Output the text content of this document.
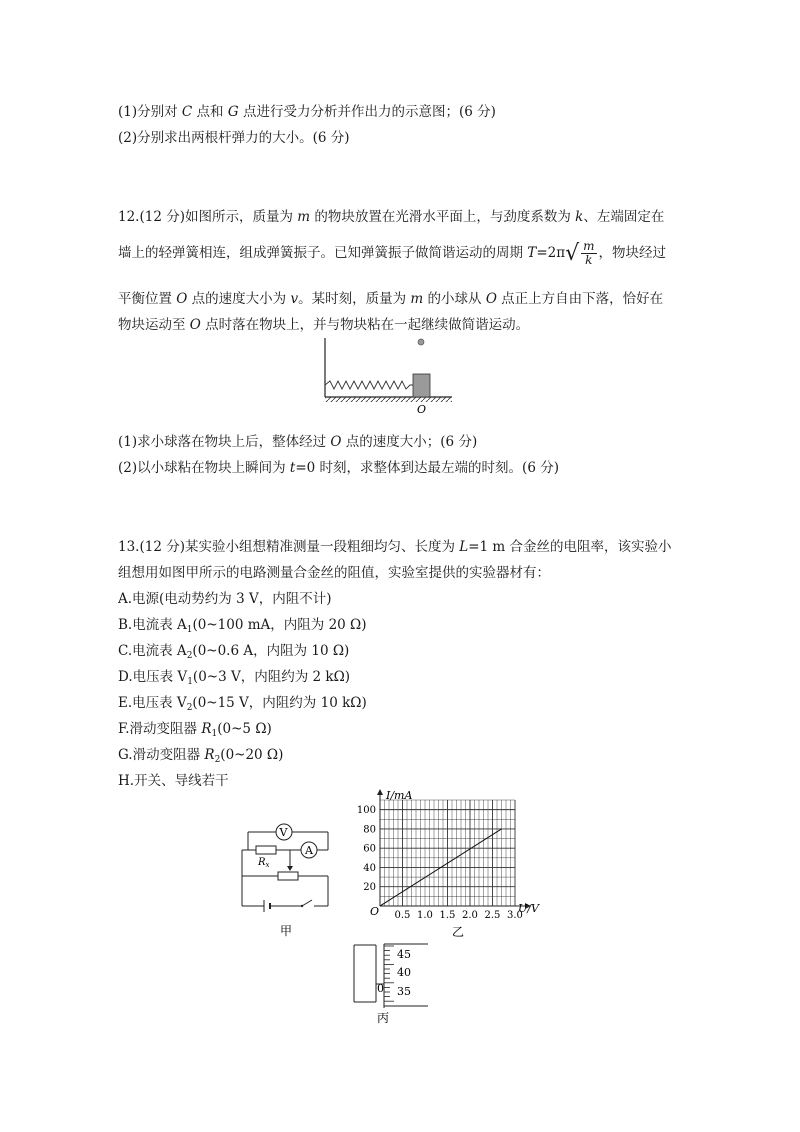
(1)分别对 C 点和 G 点进行受力分析并作出力的示意图；(6 分)
(2)分别求出两根杆弹力的大小。(6 分)
12.(12 分)如图所示，质量为 m 的物块放置在光滑水平面上，与劲度系数为 k、左端固定在
墙上的轻弹簧相连，组成弹簧振子。已知弹簧振子做简谐运动的周期 $T=2\pi√ \frac{m}{k}$ ，物块经过
平衡位置 O 点的速度大小为 v。某时刻，质量为 m 的小球从 O 点正上方自由下落，恰好在
物块运动至 O 点时落在物块上，并与物块粘在一起继续做简谐运动。
O
(1)求小球落在物块上后，整体经过 O 点的速度大小；(6 分)
(2)以小球粘在物块上瞬间为 t=0 时刻，求整体到达最左端的时刻。(6 分)
13.(12 分)某实验小组想精准测量一段粗细均匀、长度为 L=1 m 合金丝的电阻率，该实验小
组想用如图甲所示的电路测量合金丝的阻值，实验室提供的实验器材有：
A.电源(电动势约为 3 V，内阻不计)
B.电流表 $A_1(0\sim 100$ mA，内阻为 20 Ω)
C.电流表 $A_2(0\sim 0.6$ A，内阻为 10 Ω)
D.电压表 $V_1(0\sim 3$ V，内阻约为 2 kΩ)
E.电压表 $V_2(0\sim 15$ V，内阻约为 10 kΩ)
F.滑动变阻器 $R_1(0\sim 5$ Ω)
G.滑动变阻器 $R_2(0\sim 20$ Ω)
H.开关、导线若干
V
$R_x$
A
甲
0.5 1.0 1.5 2.0 2.5 3.0
20
40
60
80
100
I/mA
U/V
O
乙
45
40
35
0
丙
